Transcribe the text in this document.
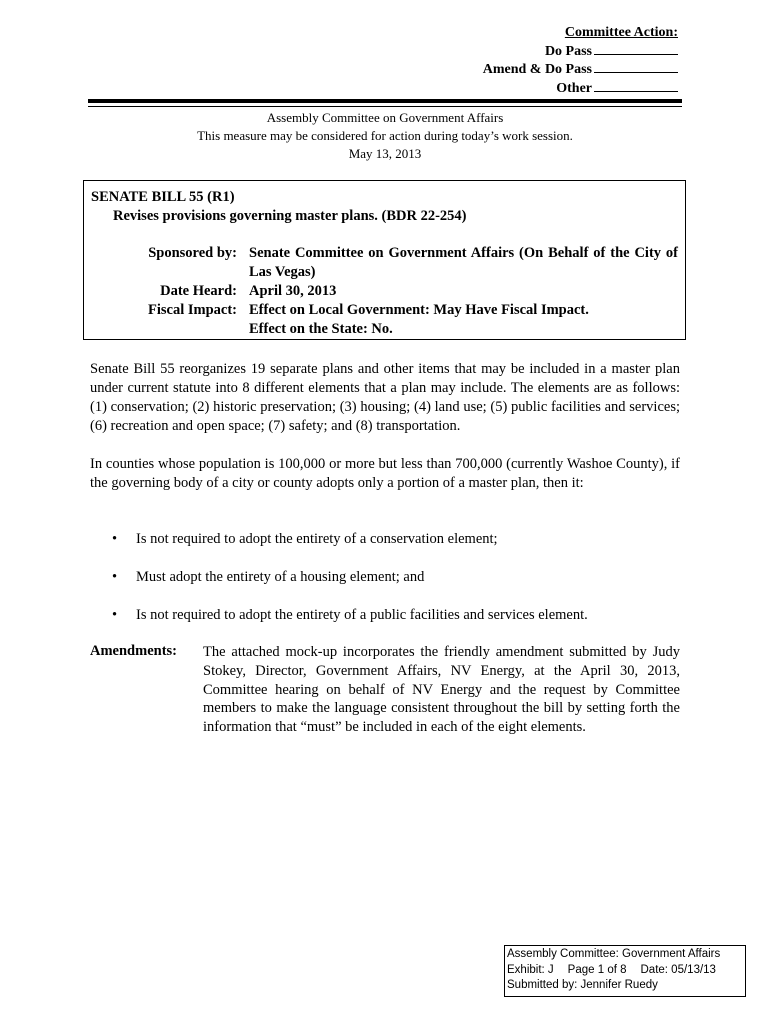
Committee Action:
Do Pass
Amend & Do Pass
Other
Assembly Committee on Government Affairs
This measure may be considered for action during today’s work session.
May 13, 2013
SENATE BILL 55 (R1)
Revises provisions governing master plans. (BDR 22-254)
Sponsored by: Senate Committee on Government Affairs (On Behalf of the City of Las Vegas)
Date Heard: April 30, 2013
Fiscal Impact: Effect on Local Government: May Have Fiscal Impact.
Effect on the State: No.
Senate Bill 55 reorganizes 19 separate plans and other items that may be included in a master plan under current statute into 8 different elements that a plan may include. The elements are as follows: (1) conservation; (2) historic preservation; (3) housing; (4) land use; (5) public facilities and services; (6) recreation and open space; (7) safety; and (8) transportation.
In counties whose population is 100,000 or more but less than 700,000 (currently Washoe County), if the governing body of a city or county adopts only a portion of a master plan, then it:
• Is not required to adopt the entirety of a conservation element;
• Must adopt the entirety of a housing element; and
• Is not required to adopt the entirety of a public facilities and services element.
Amendments: The attached mock-up incorporates the friendly amendment submitted by Judy Stokey, Director, Government Affairs, NV Energy, at the April 30, 2013, Committee hearing on behalf of NV Energy and the request by Committee members to make the language consistent throughout the bill by setting forth the information that “must” be included in each of the eight elements.
Assembly Committee: Government Affairs
Exhibit: J Page 1 of 8 Date: 05/13/13
Submitted by: Jennifer Ruedy
